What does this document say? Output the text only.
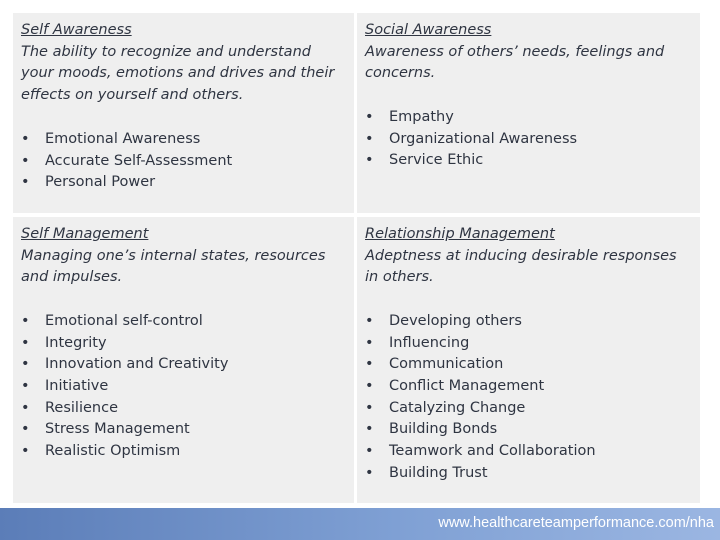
Self Awareness
The ability to recognize and understand your moods, emotions and drives and their effects on yourself and others.
• Emotional Awareness
• Accurate Self-Assessment
• Personal Power
Social Awareness
Awareness of others’ needs, feelings and concerns.
• Empathy
• Organizational Awareness
• Service Ethic
Self Management
Managing one’s internal states, resources and impulses.
• Emotional self-control
• Integrity
• Innovation and Creativity
• Initiative
• Resilience
• Stress Management
• Realistic Optimism
Relationship Management
Adeptness at inducing desirable responses in others.
• Developing others
• Influencing
• Communication
• Conflict Management
• Catalyzing Change
• Building Bonds
• Teamwork and Collaboration
• Building Trust
www.healthcareteamperformance.com/nha
